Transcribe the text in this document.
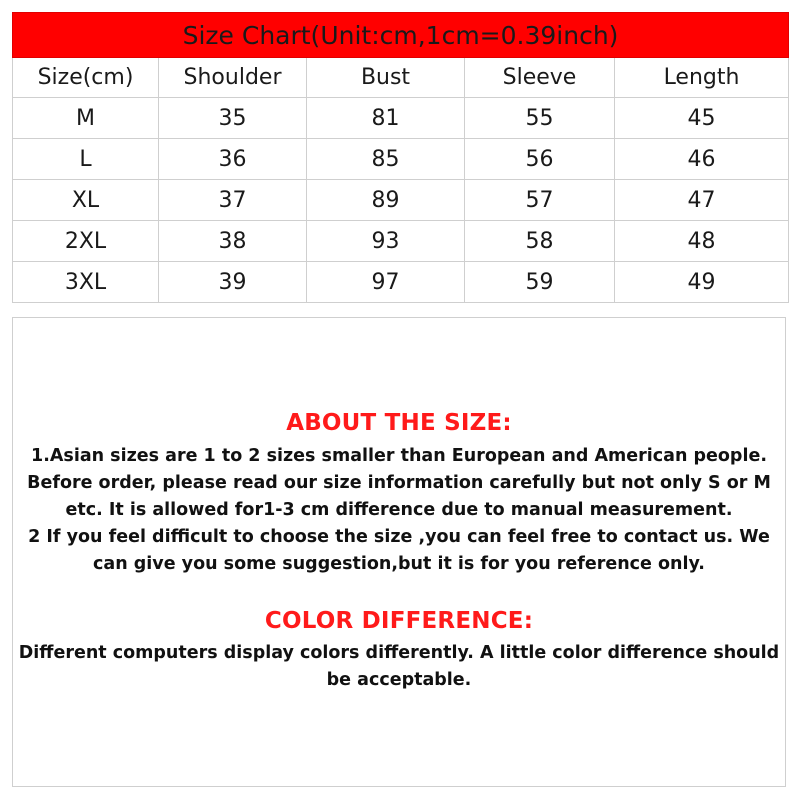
Size Chart(Unit:cm,1cm=0.39inch)				
Size(cm)	Shoulder	Bust	Sleeve	Length
M	35	81	55	45
L	36	85	56	46
XL	37	89	57	47
2XL	38	93	58	48
3XL	39	97	59	49
ABOUT THE SIZE:

1.Asian sizes are 1 to 2 sizes smaller than European and American people.
Before order, please read our size information carefully but not only S or M
etc. It is allowed for1-3 cm difference due to manual measurement.
2 If you feel difficult to choose the size ,you can feel free to contact us. We
can give you some suggestion,but it is for you reference only.

COLOR DIFFERENCE:

Different computers display colors differently. A little color difference should
be acceptable.
